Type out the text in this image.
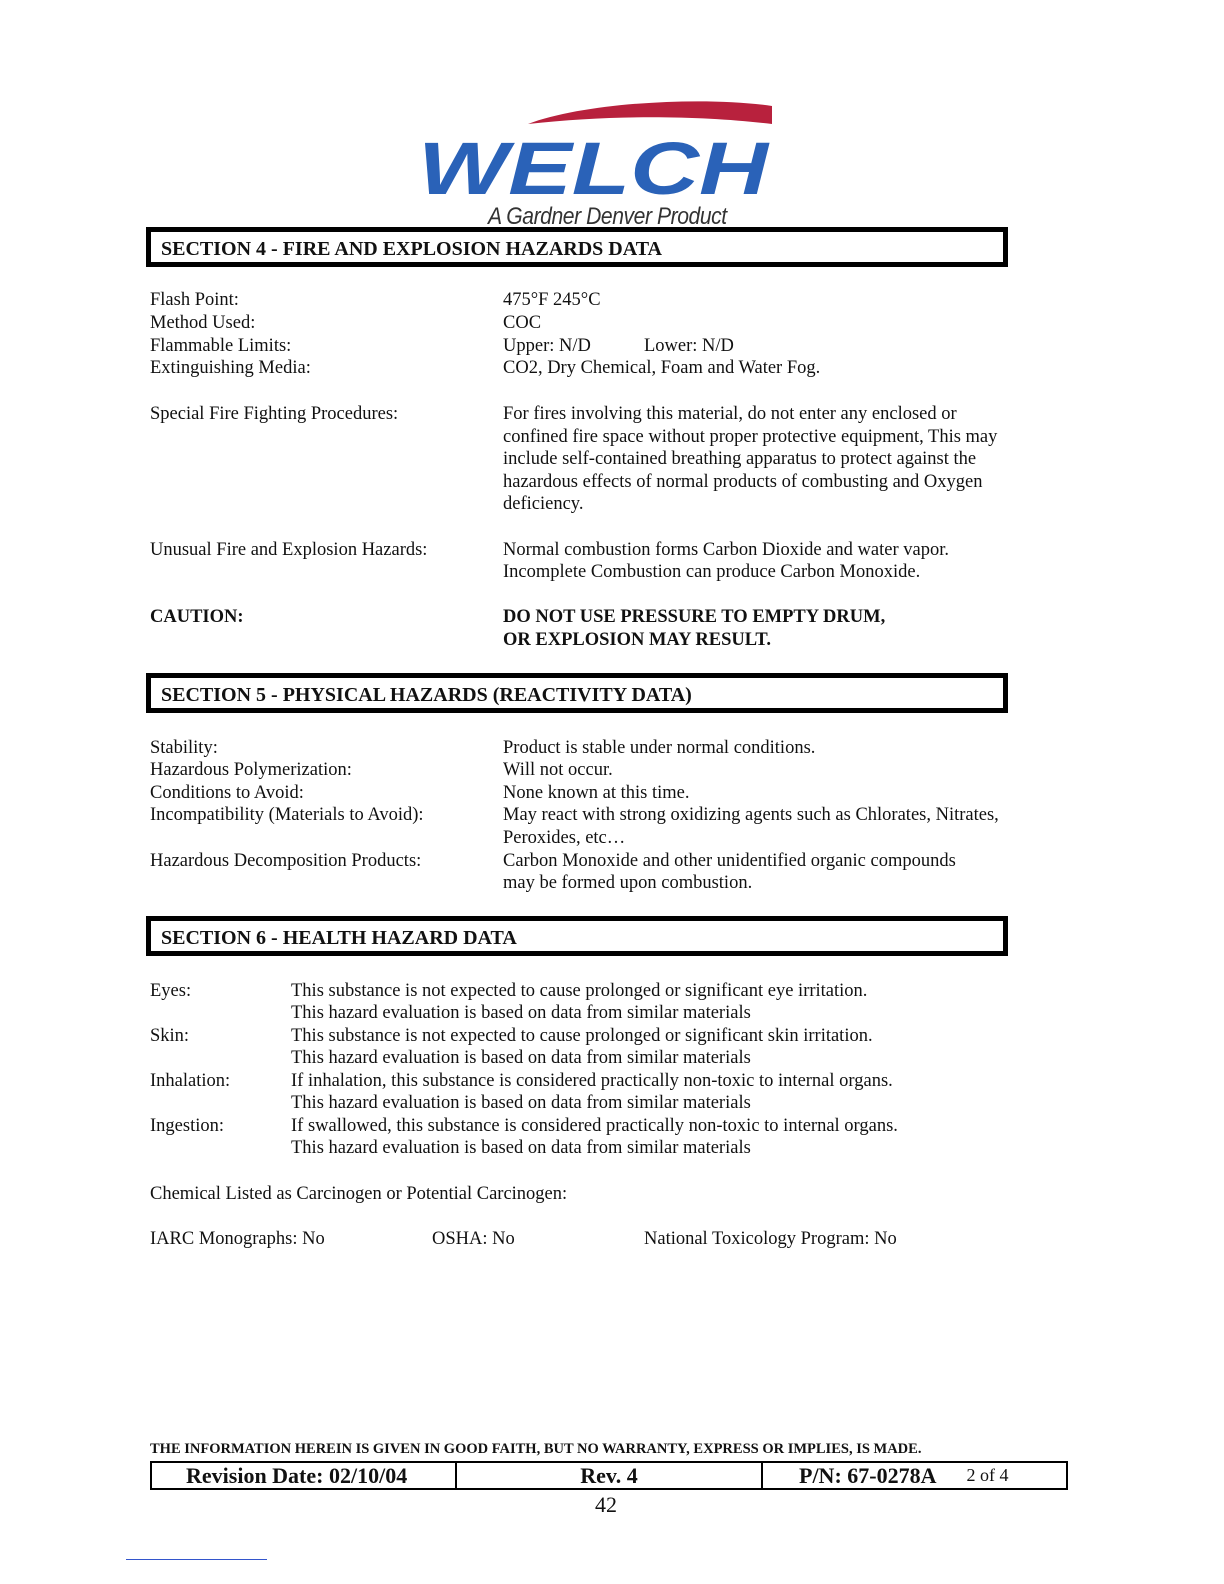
WELCH
A Gardner Denver Product
SECTION 4 - FIRE AND EXPLOSION HAZARDS DATA
Flash Point:	475°F 245°C
Method Used:	COC
Flammable Limits:	Upper: N/D	Lower: N/D
Extinguishing Media:	CO2, Dry Chemical, Foam and Water Fog.
Special Fire Fighting Procedures:	For fires involving this material, do not enter any enclosed or
confined fire space without proper protective equipment, This may
include self-contained breathing apparatus to protect against the
hazardous effects of normal products of combusting and Oxygen
deficiency.
Unusual Fire and Explosion Hazards:	Normal combustion forms Carbon Dioxide and water vapor.
Incomplete Combustion can produce Carbon Monoxide.
CAUTION:	DO NOT USE PRESSURE TO EMPTY DRUM,
OR EXPLOSION MAY RESULT.
SECTION 5 - PHYSICAL HAZARDS (REACTIVITY DATA)
Stability:	Product is stable under normal conditions.
Hazardous Polymerization:	Will not occur.
Conditions to Avoid:	None known at this time.
Incompatibility (Materials to Avoid):	May react with strong oxidizing agents such as Chlorates, Nitrates,
Peroxides, etc…
Hazardous Decomposition Products:	Carbon Monoxide and other unidentified organic compounds
may be formed upon combustion.
SECTION 6 - HEALTH HAZARD DATA
Eyes:	This substance is not expected to cause prolonged or significant eye irritation.
This hazard evaluation is based on data from similar materials
Skin:	This substance is not expected to cause prolonged or significant skin irritation.
This hazard evaluation is based on data from similar materials
Inhalation:	If inhalation, this substance is considered practically non-toxic to internal organs.
This hazard evaluation is based on data from similar materials
Ingestion:	If swallowed, this substance is considered practically non-toxic to internal organs.
This hazard evaluation is based on data from similar materials
Chemical Listed as Carcinogen or Potential Carcinogen:
IARC Monographs: No	OSHA: No	National Toxicology Program: No
THE INFORMATION HEREIN IS GIVEN IN GOOD FAITH, BUT NO WARRANTY, EXPRESS OR IMPLIES, IS MADE.
Revision Date: 02/10/04	Rev. 4	P/N: 67-0278A 2 of 4
42
